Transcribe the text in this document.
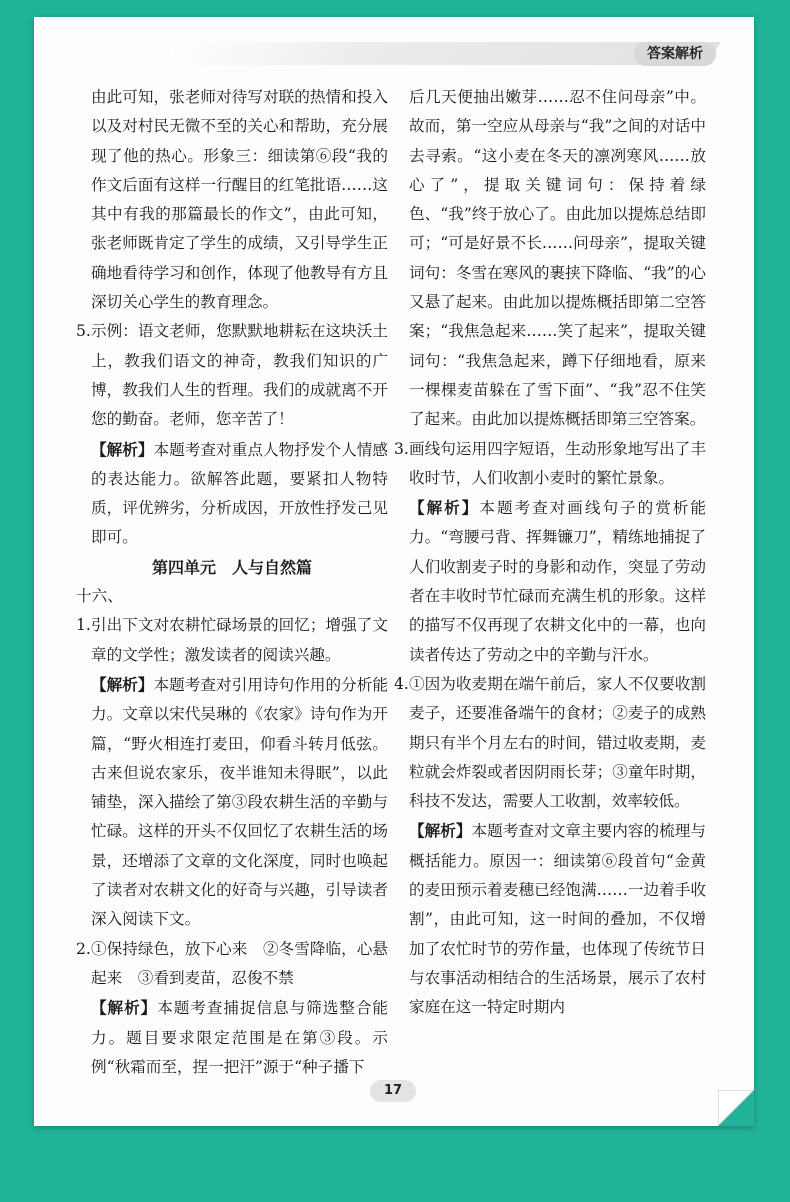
答案解析
由此可知，张老师对待写对联的热情和投入以及对村民无微不至的关心和帮助，充分展现了他的热心。形象三：细读第⑥段“我的作文后面有这样一行醒目的红笔批语……这其中有我的那篇最长的作文”，由此可知，张老师既肯定了学生的成绩，又引导学生正确地看待学习和创作，体现了他教导有方且深切关心学生的教育理念。
5.示例：语文老师，您默默地耕耘在这块沃土上，教我们语文的神奇，教我们知识的广博，教我们人生的哲理。我们的成就离不开您的勤奋。老师，您辛苦了！
【解析】本题考查对重点人物抒发个人情感的表达能力。欲解答此题，要紧扣人物特质，评优辨劣，分析成因，开放性抒发己见即可。
第四单元　人与自然篇
十六、
1.引出下文对农耕忙碌场景的回忆；增强了文章的文学性；激发读者的阅读兴趣。
【解析】本题考查对引用诗句作用的分析能力。文章以宋代吴琳的《农家》诗句作为开篇，“野火相连打麦田，仰看斗转月低弦。古来但说农家乐，夜半谁知未得眠”，以此铺垫，深入描绘了第③段农耕生活的辛勤与忙碌。这样的开头不仅回忆了农耕生活的场景，还增添了文章的文化深度，同时也唤起了读者对农耕文化的好奇与兴趣，引导读者深入阅读下文。
2.①保持绿色，放下心来　②冬雪降临，心悬起来　③看到麦苗，忍俊不禁
【解析】本题考查捕捉信息与筛选整合能力。题目要求限定范围是在第③段。示例“秋霜而至，捏一把汗”源于“种子播下
后几天便抽出嫩芽……忍不住问母亲”中。故而，第一空应从母亲与“我”之间的对话中去寻索。“这小麦在冬天的凛冽寒风……放心了”，提取关键词句：保持着绿色、“我”终于放心了。由此加以提炼总结即可；“可是好景不长……问母亲”，提取关键词句：冬雪在寒风的裹挟下降临、“我”的心又悬了起来。由此加以提炼概括即第二空答案；“我焦急起来……笑了起来”，提取关键词句：“我焦急起来，蹲下仔细地看，原来一棵棵麦苗躲在了雪下面”、“我”忍不住笑了起来。由此加以提炼概括即第三空答案。
3.画线句运用四字短语，生动形象地写出了丰收时节，人们收割小麦时的繁忙景象。
【解析】本题考查对画线句子的赏析能力。“弯腰弓背、挥舞镰刀”，精练地捕捉了人们收割麦子时的身影和动作，突显了劳动者在丰收时节忙碌而充满生机的形象。这样的描写不仅再现了农耕文化中的一幕，也向读者传达了劳动之中的辛勤与汗水。
4.①因为收麦期在端午前后，家人不仅要收割麦子，还要准备端午的食材；②麦子的成熟期只有半个月左右的时间，错过收麦期，麦粒就会炸裂或者因阴雨长芽；③童年时期，科技不发达，需要人工收割，效率较低。
【解析】本题考查对文章主要内容的梳理与概括能力。原因一：细读第⑥段首句“金黄的麦田预示着麦穗已经饱满……一边着手收割”，由此可知，这一时间的叠加，不仅增加了农忙时节的劳作量，也体现了传统节日与农事活动相结合的生活场景，展示了农村家庭在这一特定时期内
17
